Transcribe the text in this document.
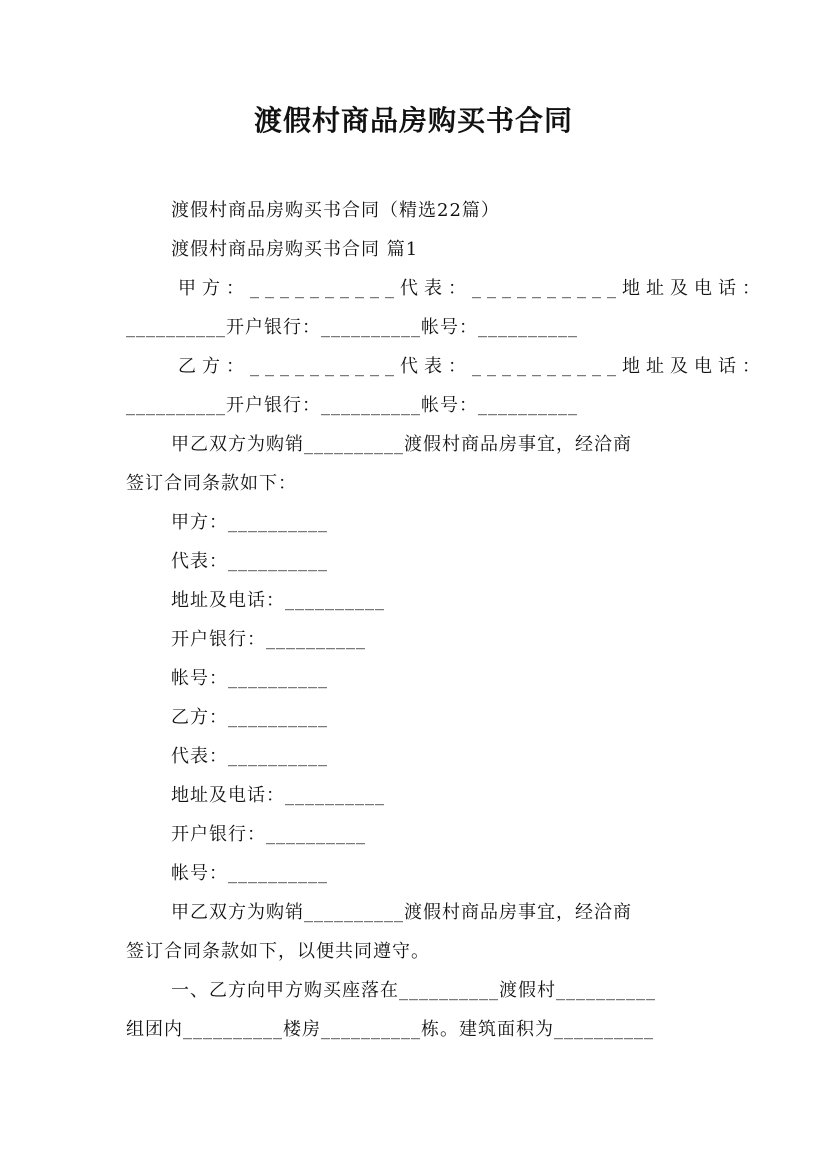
渡假村商品房购买书合同
渡假村商品房购买书合同（精选22篇）
渡假村商品房购买书合同 篇1
甲方：__________代表：__________地址及电话：
__________开户银行：__________帐号：__________
乙方：__________代表：__________地址及电话：
__________开户银行：__________帐号：__________
甲乙双方为购销__________渡假村商品房事宜，经洽商
签订合同条款如下：
甲方：__________
代表：__________
地址及电话：__________
开户银行：__________
帐号：__________
乙方：__________
代表：__________
地址及电话：__________
开户银行：__________
帐号：__________
甲乙双方为购销__________渡假村商品房事宜，经洽商
签订合同条款如下，以便共同遵守。
一、乙方向甲方购买座落在__________渡假村__________
组团内__________楼房__________栋。建筑面积为__________
